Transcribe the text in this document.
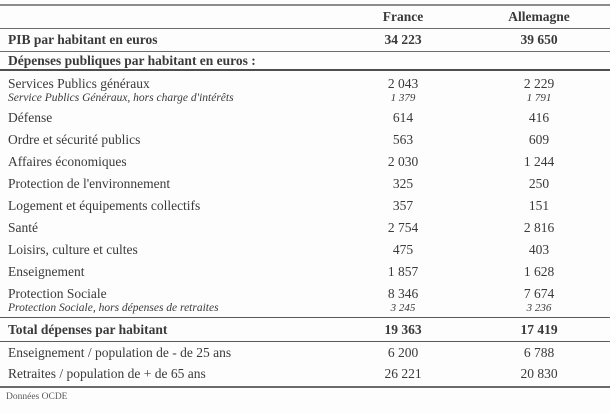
France	Allemagne
PIB par habitant en euros	34 223	39 650
Dépenses publiques par habitant en euros :
Services Publics généraux	2 043	2 229
Service Publics Généraux, hors charge d'intérêts	1 379	1 791
Défense	614	416
Ordre et sécurité publics	563	609
Affaires économiques	2 030	1 244
Protection de l'environnement	325	250
Logement et équipements collectifs	357	151
Santé	2 754	2 816
Loisirs, culture et cultes	475	403
Enseignement	1 857	1 628
Protection Sociale	8 346	7 674
Protection Sociale, hors dépenses de retraites	3 245	3 236
Total dépenses par habitant	19 363	17 419
Enseignement / population de - de 25 ans	6 200	6 788
Retraites / population de + de 65 ans	26 221	20 830
Données OCDE
